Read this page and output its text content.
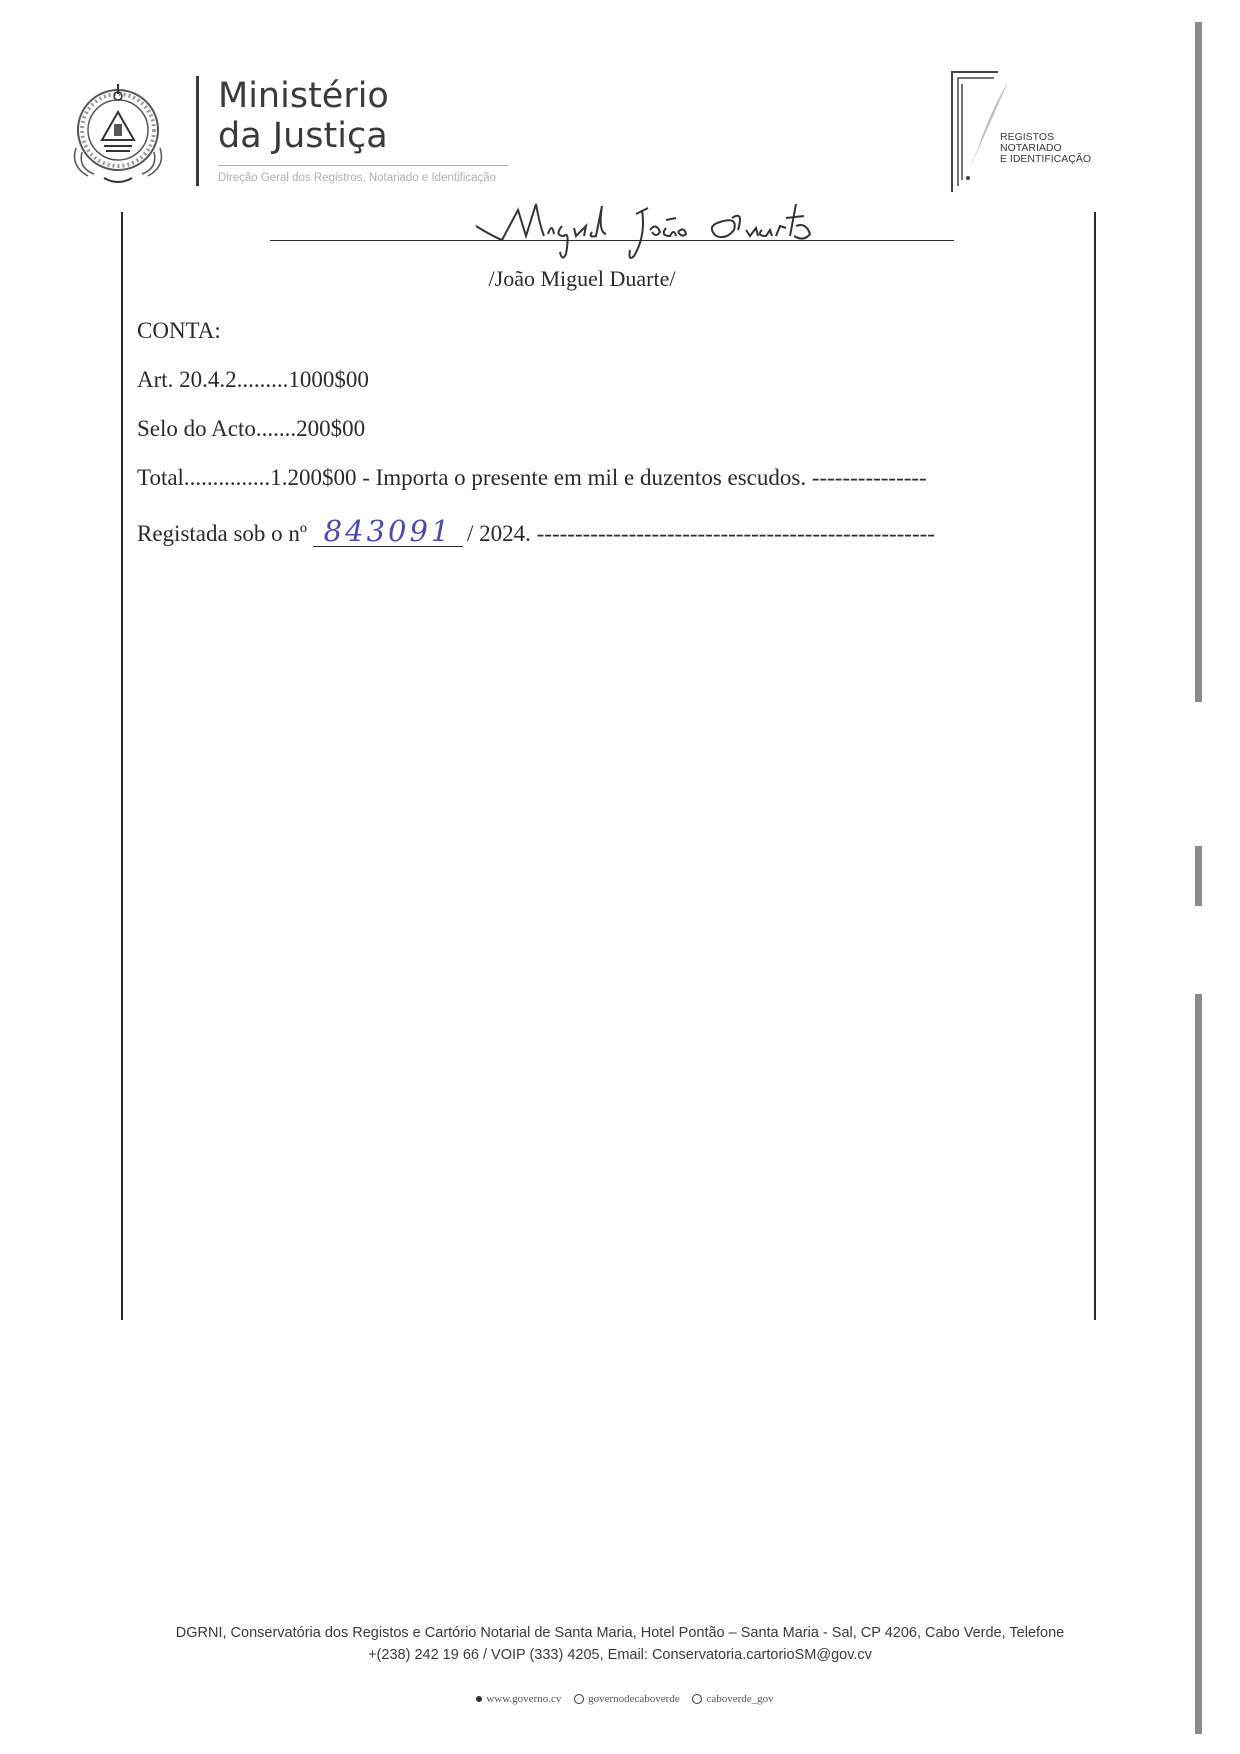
Ministério
da Justiça
Direção Geral dos Registros, Notariado e Identificação
REGISTOS
NOTARIADO
E IDENTIFICAÇÃO
/João Miguel Duarte/
CONTA:
Art. 20.4.2.........1000$00
Selo do Acto.......200$00
Total...............1.200$00 - Importa o presente em mil e duzentos escudos. ---------------
Registada sob o nº 843091 / 2024. ----------------------------------------------------
DGRNI, Conservatória dos Registos e Cartório Notarial de Santa Maria, Hotel Pontão – Santa Maria - Sal, CP 4206, Cabo Verde, Telefone
+(238) 242 19 66 / VOIP (333) 4205, Email: Conservatoria.cartorioSM@gov.cv
www.governo.cv governodecaboverde caboverde_gov
